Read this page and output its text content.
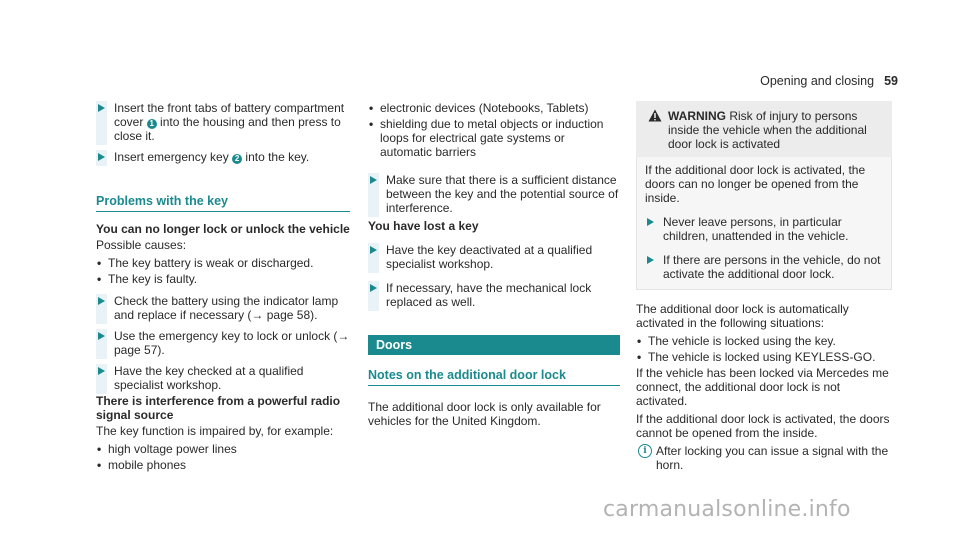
Opening and closing 59
Insert the front tabs of battery compartment cover 1 into the housing and then press to close it.
Insert emergency key 2 into the key.
Problems with the key
You can no longer lock or unlock the vehicle

Possible causes:

• The key battery is weak or discharged.
• The key is faulty.
Check the battery using the indicator lamp and replace if necessary (→ page 58).
Use the emergency key to lock or unlock (→ page 57).
Have the key checked at a qualified specialist workshop.
There is interference from a powerful radio signal source

The key function is impaired by, for example:

• high voltage power lines
• mobile phones
• electronic devices (Notebooks, Tablets)
• shielding due to metal objects or induction loops for electrical gate systems or automatic barriers
Make sure that there is a sufficient distance between the key and the potential source of interference.
You have lost a key
Have the key deactivated at a qualified specialist workshop.
If necessary, have the mechanical lock replaced as well.
Doors
Notes on the additional door lock

The additional door lock is only available for vehicles for the United Kingdom.

WARNING Risk of injury to persons inside the vehicle when the additional door lock is activated

If the additional door lock is activated, the doors can no longer be opened from the inside.

Never leave persons, in particular children, unattended in the vehicle.
If there are persons in the vehicle, do not activate the additional door lock.

The additional door lock is automatically activated in the following situations:

• The vehicle is locked using the key.
• The vehicle is locked using KEYLESS-GO.

If the vehicle has been locked via Mercedes me connect, the additional door lock is not activated.

If the additional door lock is activated, the doors cannot be opened from the inside.

i After locking you can issue a signal with the horn.
carmanualsonline.info
